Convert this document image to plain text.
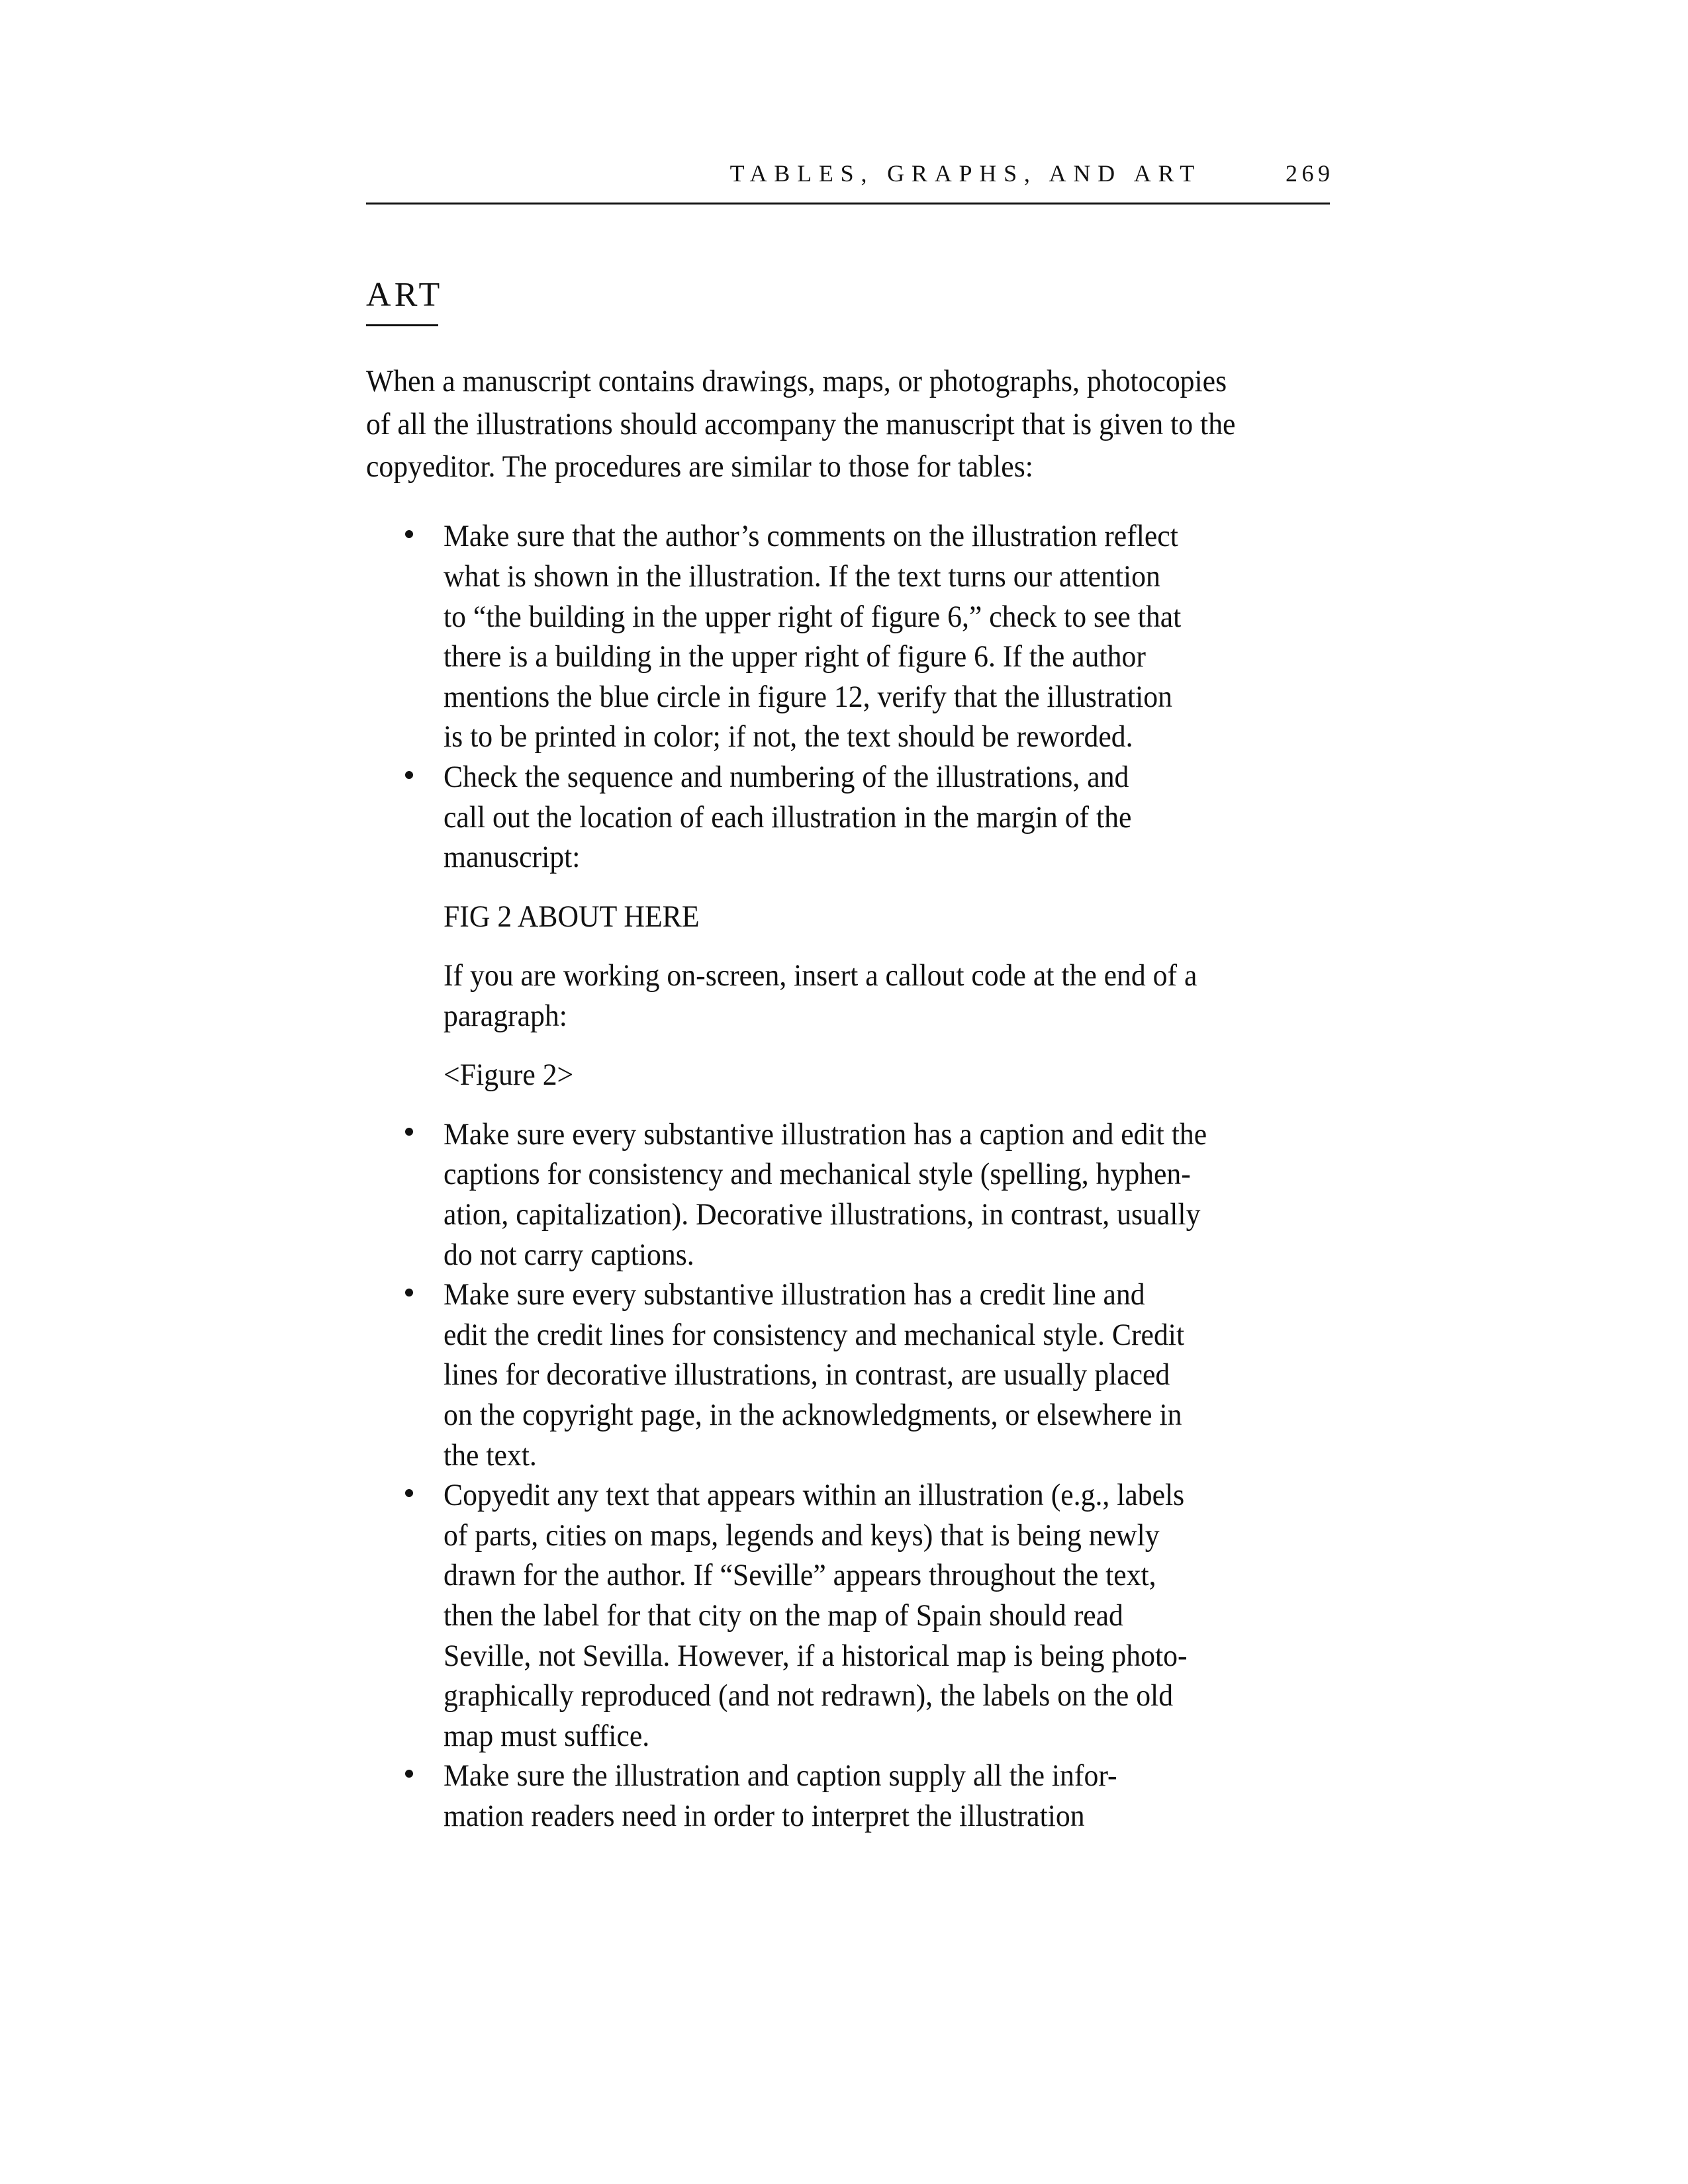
TABLES, GRAPHS, AND ART	269
ART
When a manuscript contains drawings, maps, or photographs, photocopies
of all the illustrations should accompany the manuscript that is given to the
copyeditor. The procedures are similar to those for tables:
Make sure that the author’s comments on the illustration reflect
what is shown in the illustration. If the text turns our attention
to “the building in the upper right of figure 6,” check to see that
there is a building in the upper right of figure 6. If the author
mentions the blue circle in figure 12, verify that the illustration
is to be printed in color; if not, the text should be reworded.
Check the sequence and numbering of the illustrations, and
call out the location of each illustration in the margin of the
manuscript:
FIG 2 ABOUT HERE
If you are working on-screen, insert a callout code at the end of a
paragraph:
<Figure 2>
Make sure every substantive illustration has a caption and edit the
captions for consistency and mechanical style (spelling, hyphen-
ation, capitalization). Decorative illustrations, in contrast, usually
do not carry captions.
Make sure every substantive illustration has a credit line and
edit the credit lines for consistency and mechanical style. Credit
lines for decorative illustrations, in contrast, are usually placed
on the copyright page, in the acknowledgments, or elsewhere in
the text.
Copyedit any text that appears within an illustration (e.g., labels
of parts, cities on maps, legends and keys) that is being newly
drawn for the author. If “Seville” appears throughout the text,
then the label for that city on the map of Spain should read
Seville, not Sevilla. However, if a historical map is being photo-
graphically reproduced (and not redrawn), the labels on the old
map must suffice.
Make sure the illustration and caption supply all the infor-
mation readers need in order to interpret the illustration
